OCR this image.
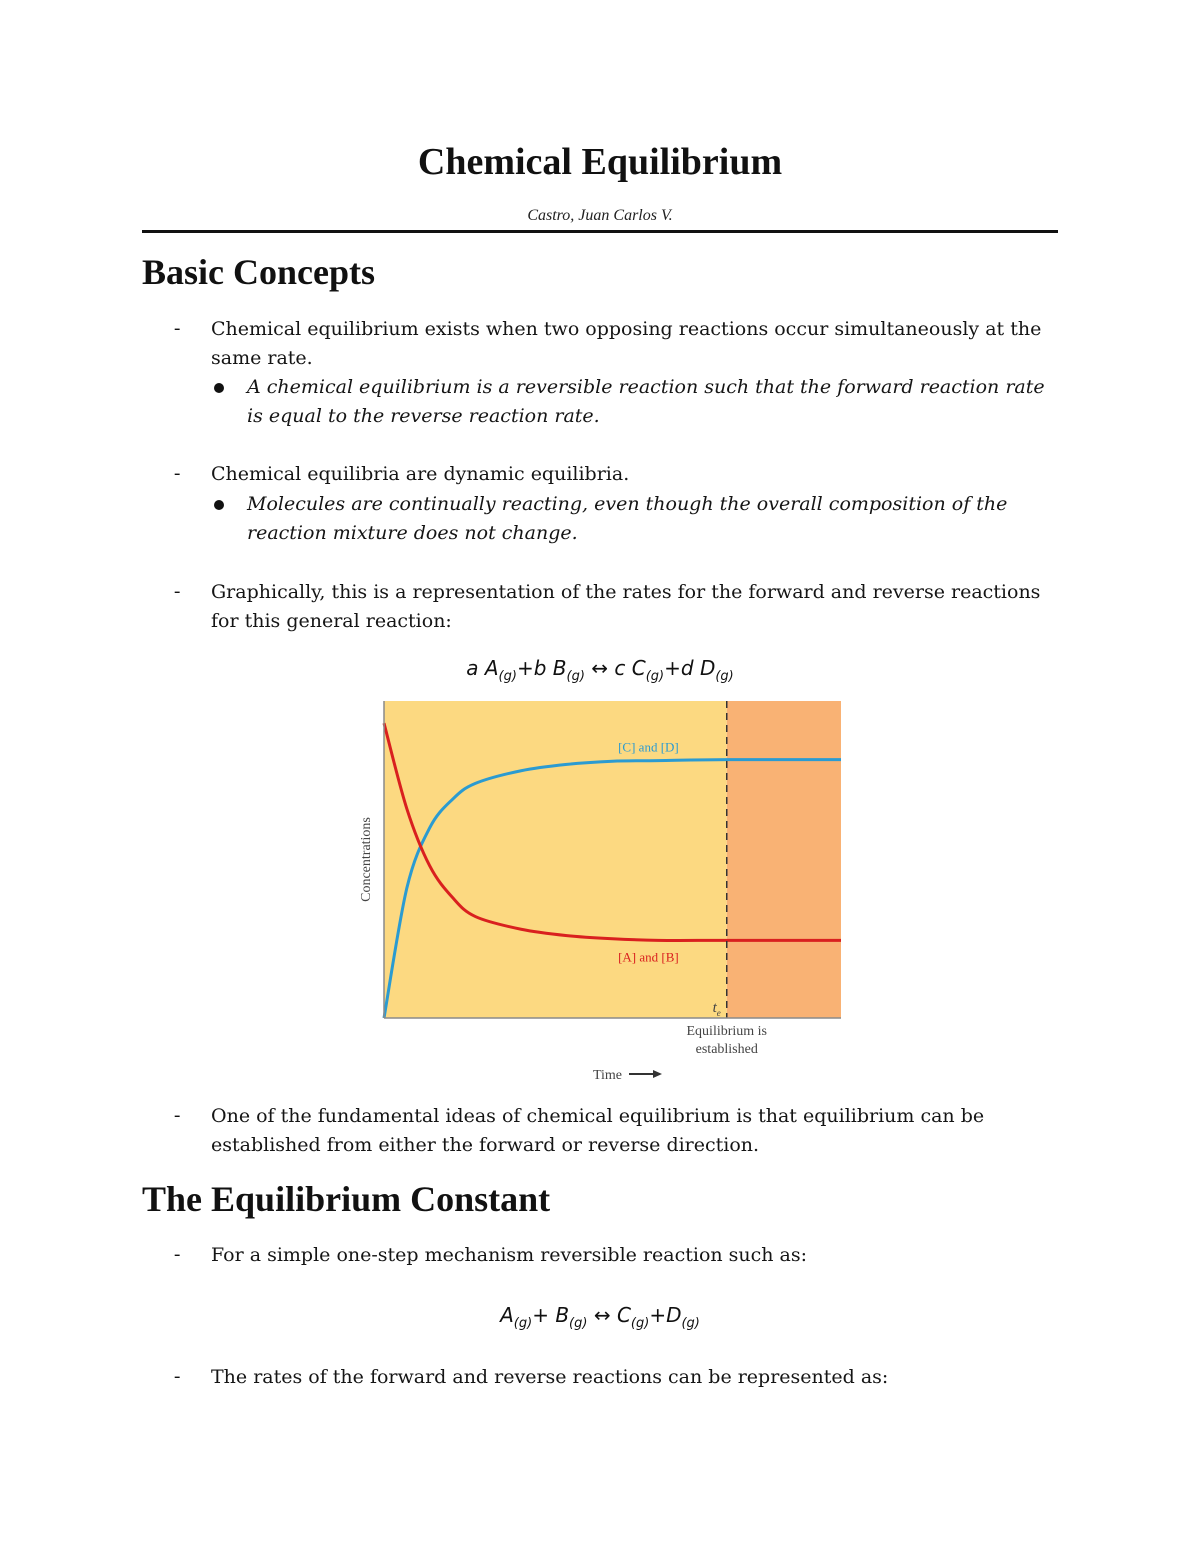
Chemical Equilibrium
Castro, Juan Carlos V.
Basic Concepts
- Chemical equilibrium exists when two opposing reactions occur simultaneously at the same rate.
A chemical equilibrium is a reversible reaction such that the forward reaction rate is equal to the reverse reaction rate.
- Chemical equilibria are dynamic equilibria.
Molecules are continually reacting, even though the overall composition of the reaction mixture does not change.
- Graphically, this is a representation of the rates for the forward and reverse reactions for this general reaction:
a $A_{(g)}+b$ $B_{(g)}$ ↔ c $C_{(g)}+d$ $D_{(g)}$
[C] and [D]
[A] and [B]
$t_e$
Equilibrium is
established
Concentrations
Time
- One of the fundamental ideas of chemical equilibrium is that equilibrium can be established from either the forward or reverse direction.
The Equilibrium Constant
- For a simple one-step mechanism reversible reaction such as:
$A_{(g)}+ B_{(g)}$ ↔ $C_{(g)}+D_{(g)}$
- The rates of the forward and reverse reactions can be represented as:
